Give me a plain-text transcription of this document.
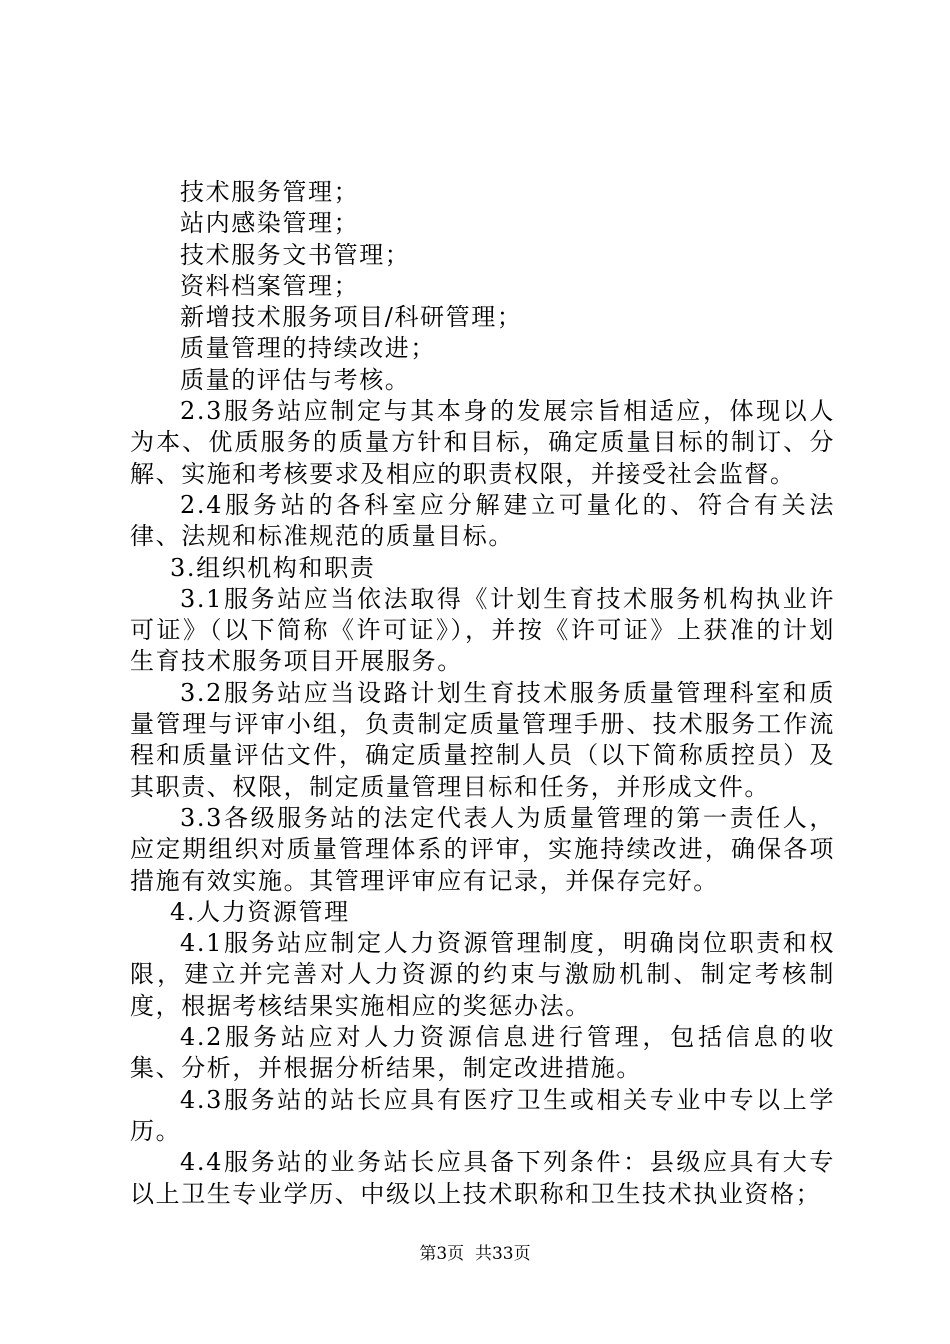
技术服务管理；

站内感染管理；

技术服务文书管理；

资料档案管理；

新增技术服务项目/科研管理；

质量管理的持续改进；

质量的评估与考核。

2.3服务站应制定与其本身的发展宗旨相适应，体现以人为本、优质服务的质量方针和目标，确定质量目标的制订、分解、实施和考核要求及相应的职责权限，并接受社会监督。

2.4服务站的各科室应分解建立可量化的、符合有关法律、法规和标准规范的质量目标。

3.组织机构和职责

3.1服务站应当依法取得《计划生育技术服务机构执业许可证》（以下简称《许可证》），并按《许可证》上获准的计划生育技术服务项目开展服务。

3.2服务站应当设路计划生育技术服务质量管理科室和质量管理与评审小组，负责制定质量管理手册、技术服务工作流程和质量评估文件，确定质量控制人员（以下简称质控员）及其职责、权限，制定质量管理目标和任务，并形成文件。

3.3各级服务站的法定代表人为质量管理的第一责任人，应定期组织对质量管理体系的评审，实施持续改进，确保各项措施有效实施。其管理评审应有记录，并保存完好。

4.人力资源管理

4.1服务站应制定人力资源管理制度，明确岗位职责和权限，建立并完善对人力资源的约束与激励机制、制定考核制度，根据考核结果实施相应的奖惩办法。

4.2服务站应对人力资源信息进行管理，包括信息的收集、分析，并根据分析结果，制定改进措施。

4.3服务站的站长应具有医疗卫生或相关专业中专以上学历。

4.4服务站的业务站长应具备下列条件：县级应具有大专以上卫生专业学历、中级以上技术职称和卫生技术执业资格；

第3页  共33页
